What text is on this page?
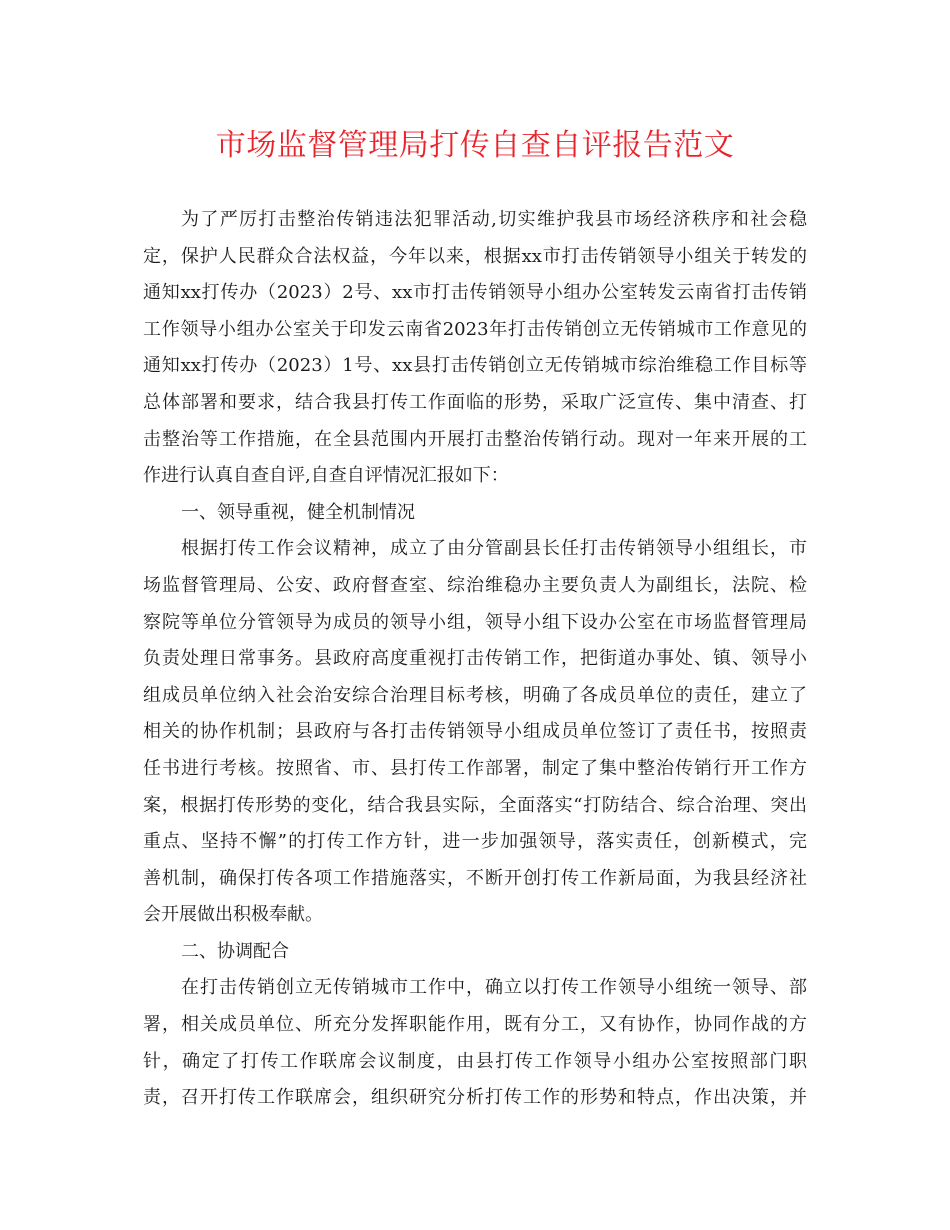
市场监督管理局打传自查自评报告范文
为了严厉打击整治传销违法犯罪活动,切实维护我县市场经济秩序和社会稳
定，保护人民群众合法权益，今年以来，根据xx市打击传销领导小组关于转发的
通知xx打传办（2023）2号、xx市打击传销领导小组办公室转发云南省打击传销
工作领导小组办公室关于印发云南省2023年打击传销创立无传销城市工作意见的
通知xx打传办（2023）1号、xx县打击传销创立无传销城市综治维稳工作目标等
总体部署和要求，结合我县打传工作面临的形势，采取广泛宣传、集中清查、打
击整治等工作措施，在全县范围内开展打击整治传销行动。现对一年来开展的工
作进行认真自查自评,自查自评情况汇报如下：
一、领导重视，健全机制情况
根据打传工作会议精神，成立了由分管副县长任打击传销领导小组组长，市
场监督管理局、公安、政府督查室、综治维稳办主要负责人为副组长，法院、检
察院等单位分管领导为成员的领导小组，领导小组下设办公室在市场监督管理局
负责处理日常事务。县政府高度重视打击传销工作，把街道办事处、镇、领导小
组成员单位纳入社会治安综合治理目标考核，明确了各成员单位的责任，建立了
相关的协作机制；县政府与各打击传销领导小组成员单位签订了责任书，按照责
任书进行考核。按照省、市、县打传工作部署，制定了集中整治传销行开工作方
案，根据打传形势的变化，结合我县实际，全面落实“打防结合、综合治理、突出
重点、坚持不懈”的打传工作方针，进一步加强领导，落实责任，创新模式，完
善机制，确保打传各项工作措施落实，不断开创打传工作新局面，为我县经济社
会开展做出积极奉献。
二、协调配合
在打击传销创立无传销城市工作中，确立以打传工作领导小组统一领导、部
署，相关成员单位、所充分发挥职能作用，既有分工，又有协作，协同作战的方
针，确定了打传工作联席会议制度，由县打传工作领导小组办公室按照部门职
责，召开打传工作联席会，组织研究分析打传工作的形势和特点，作出决策，并
